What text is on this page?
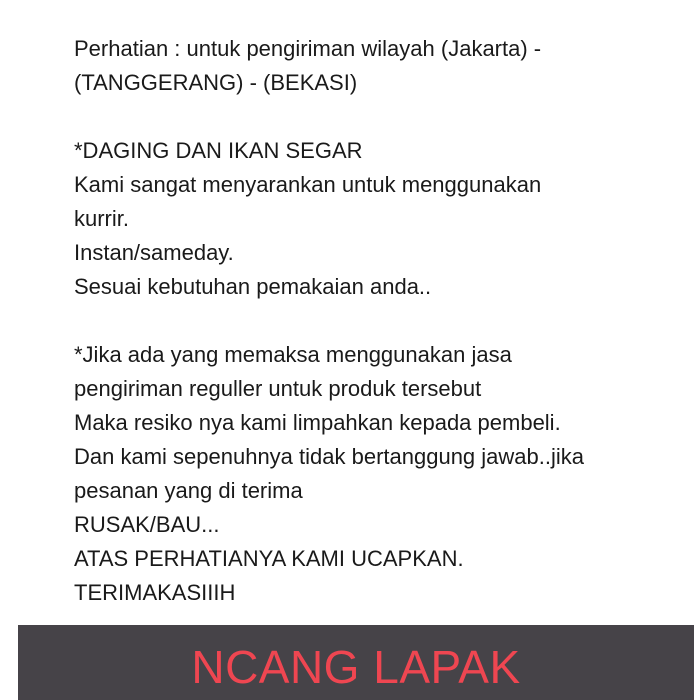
Perhatian : untuk pengiriman wilayah (Jakarta) -
(TANGGERANG) - (BEKASI)
*DAGING DAN IKAN SEGAR
Kami sangat menyarankan untuk menggunakan
kurrir.
Instan/sameday.
Sesuai kebutuhan pemakaian anda..
*Jika ada yang memaksa menggunakan jasa
pengiriman reguller untuk produk tersebut
Maka resiko nya kami limpahkan kepada pembeli.
Dan kami sepenuhnya tidak bertanggung jawab..jika
pesanan yang di terima
RUSAK/BAU...
ATAS PERHATIANYA KAMI UCAPKAN.
TERIMAKASIIIH
NCANG LAPAK
